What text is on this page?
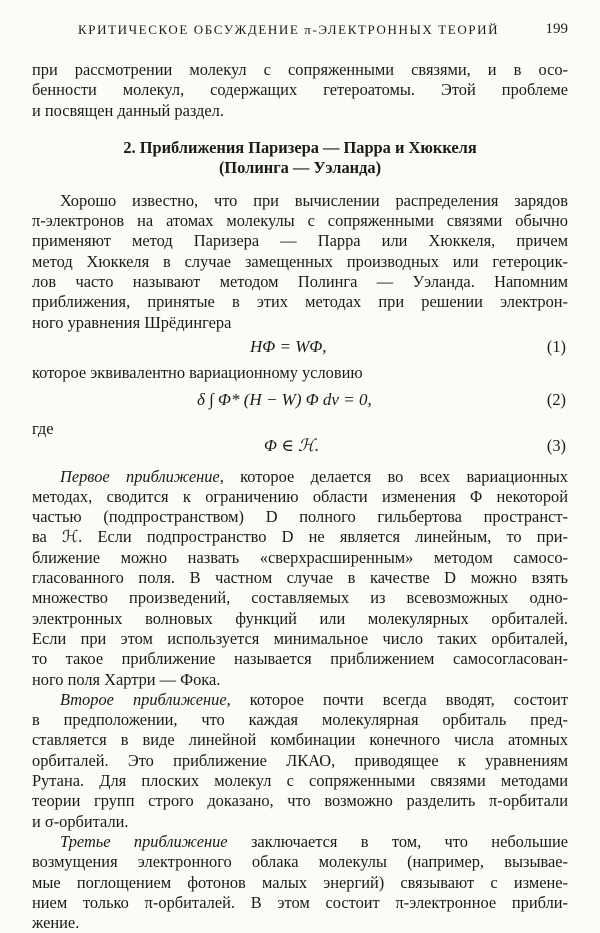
КРИТИЧЕСКОЕ ОБСУЖДЕНИЕ π-ЭЛЕКТРОННЫХ ТЕОРИЙ	199
при рассмотрении молекул с сопряженными связями, и в осо-
бенности молекул, содержащих гетероатомы. Этой проблеме
и посвящен данный раздел.
2. Приближения Паризера — Парра и Хюккеля
(Полинга — Уэланда)
Хорошо известно, что при вычислении распределения зарядов
π-электронов на атомах молекулы с сопряженными связями обычно
применяют метод Паризера — Парра или Хюккеля, причем
метод Хюккеля в случае замещенных производных или гетероцик-
лов часто называют методом Полинга — Уэланда. Напомним
приближения, принятые в этих методах при решении электрон-
ного уравнения Шрёдингера
HΦ = WΦ,	(1)
которое эквивалентно вариационному условию
δ ∫ Φ* (H − W) Φ dv = 0,	(2)
где
Φ ∈ ℋ.	(3)
Первое приближение, которое делается во всех вариационных
методах, сводится к ограничению области изменения Φ некоторой
частью (подпространством) D полного гильбертова пространст-
ва ℋ. Если подпространство D не является линейным, то при-
ближение можно назвать «сверхрасширенным» методом самосо-
гласованного поля. В частном случае в качестве D можно взять
множество произведений, составляемых из всевозможных одно-
электронных волновых функций или молекулярных орбиталей.
Если при этом используется минимальное число таких орбиталей,
то такое приближение называется приближением самосогласован-
ного поля Хартри — Фока.
Второе приближение, которое почти всегда вводят, состоит
в предположении, что каждая молекулярная орбиталь пред-
ставляется в виде линейной комбинации конечного числа атомных
орбиталей. Это приближение ЛКАО, приводящее к уравнениям
Рутана. Для плоских молекул с сопряженными связями методами
теории групп строго доказано, что возможно разделить π-орбитали
и σ-орбитали.
Третье приближение заключается в том, что небольшие
возмущения электронного облака молекулы (например, вызывае-
мые поглощением фотонов малых энергий) связывают с измене-
нием только π-орбиталей. В этом состоит π-электронное прибли-
жение.
